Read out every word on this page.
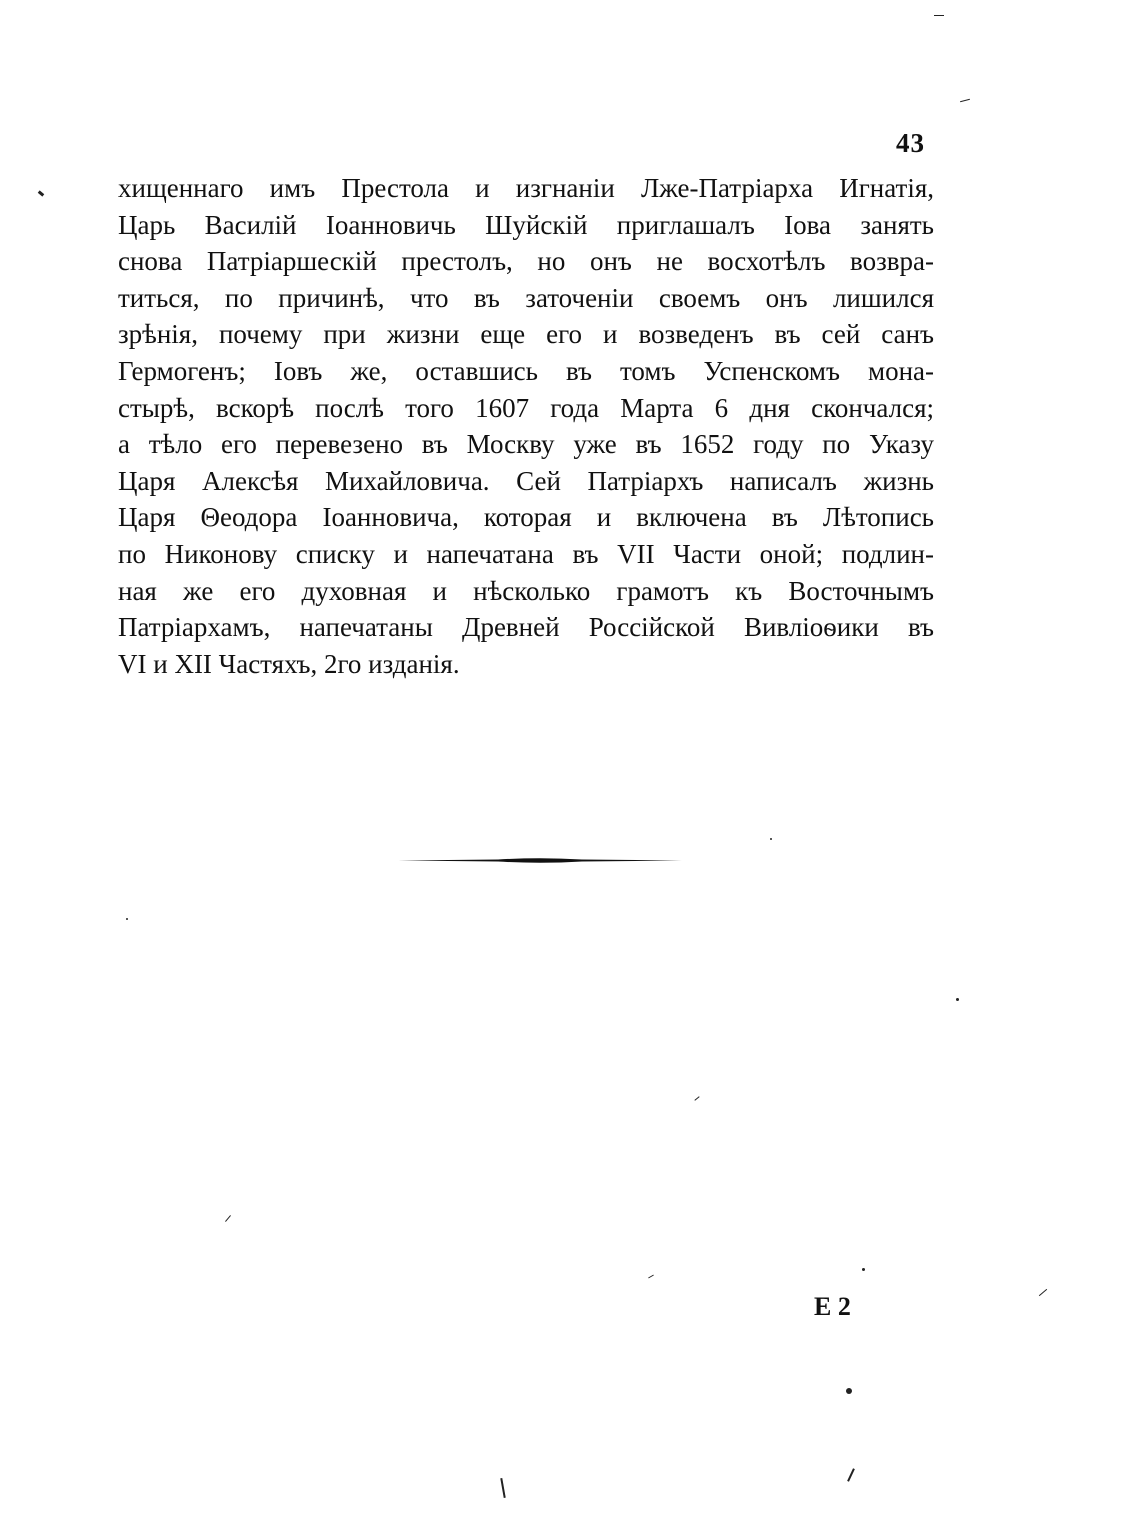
43
хищеннаго имъ Престола и изгнаніи Лже-Патріарха Игнатія,
Царь Василій Іоанновичь Шуйскій приглашалъ Іова занять
снова Патріаршескій престолъ, но онъ не восхотѣлъ возвра-
титься, по причинѣ, что въ заточеніи своемъ онъ лишился
зрѣнія, почему при жизни еще его и возведенъ въ сей санъ
Гермогенъ; Іовъ же, оставшись въ томъ Успенскомъ мона-
стырѣ, вскорѣ послѣ того 1607 года Марта 6 дня скончался;
а тѣло его перевезено въ Москву уже въ 1652 году по Указу
Царя Алексѣя Михайловича. Сей Патріархъ написалъ жизнь
Царя Θеодора Іоанновича, которая и включена въ Лѣтопись
по Никонову списку и напечатана въ VII Части оной; подлин-
ная же его духовная и нѣсколько грамотъ къ Восточнымъ
Патріархамъ, напечатаны Древней Россійской Вивліоѳики въ
VI и XII Частяхъ, 2го изданія.
E 2
